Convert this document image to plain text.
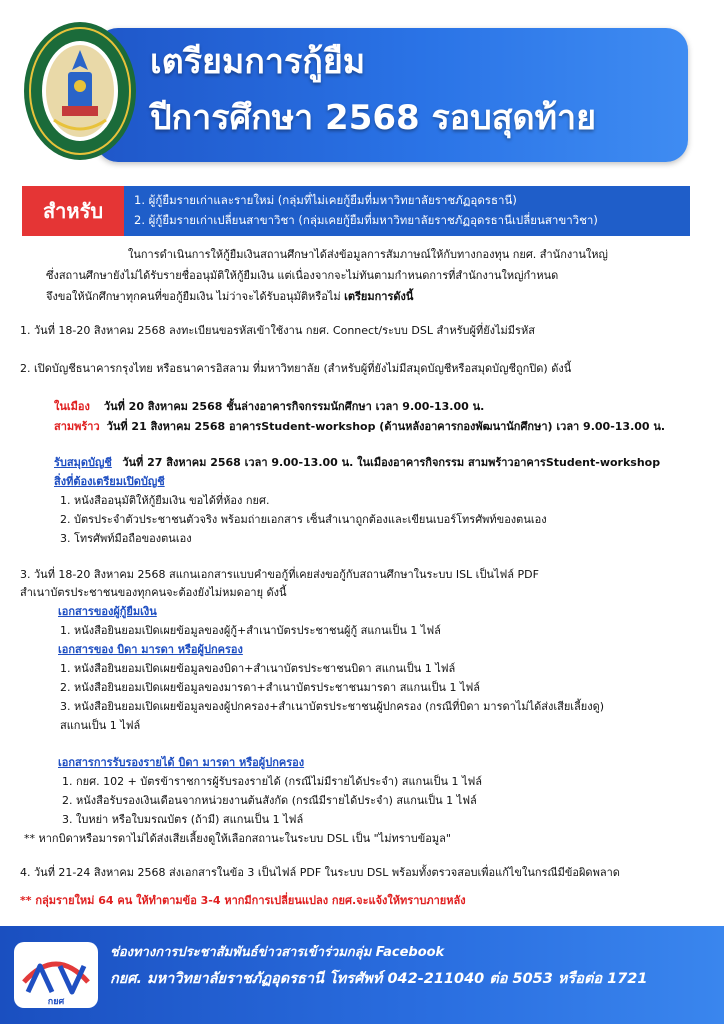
เตรียมการกู้ยืม
ปีการศึกษา 2568 รอบสุดท้าย
สำหรับ	1. ผู้กู้ยืมรายเก่าและรายใหม่ (กลุ่มที่ไม่เคยกู้ยืมที่มหาวิทยาลัยราชภัฏอุดรธานี)
2. ผู้กู้ยืมรายเก่าเปลี่ยนสาขาวิชา (กลุ่มเคยกู้ยืมที่มหาวิทยาลัยราชภัฏอุดรธานีเปลี่ยนสาขาวิชา)
ในการดำเนินการให้กู้ยืมเงินสถานศึกษาได้ส่งข้อมูลการสัมภาษณ์ให้กับทางกองทุน กยศ. สำนักงานใหญ่
ซึ่งสถานศึกษายังไม่ได้รับรายชื่ออนุมัติให้กู้ยืมเงิน แต่เนื่องจากจะไม่ทันตามกำหนดการที่สำนักงานใหญ่กำหนด
จึงขอให้นักศึกษาทุกคนที่ขอกู้ยืมเงิน ไม่ว่าจะได้รับอนุมัติหรือไม่ เตรียมการดังนี้
1. วันที่ 18-20 สิงหาคม 2568 ลงทะเบียนขอรหัสเข้าใช้งาน กยศ. Connect/ระบบ DSL สำหรับผู้ที่ยังไม่มีรหัส
2. เปิดบัญชีธนาคารกรุงไทย หรือธนาคารอิสลาม ที่มหาวิทยาลัย (สำหรับผู้ที่ยังไม่มีสมุดบัญชีหรือสมุดบัญชีถูกปิด) ดังนี้
ในเมือง วันที่ 20 สิงหาคม 2568 ชั้นล่างอาคารกิจกรรมนักศึกษา เวลา 9.00-13.00 น.
สามพร้าว วันที่ 21 สิงหาคม 2568 อาคารStudent-workshop (ด้านหลังอาคารกองพัฒนานักศึกษา) เวลา 9.00-13.00 น.
รับสมุดบัญชี วันที่ 27 สิงหาคม 2568 เวลา 9.00-13.00 น. ในเมืองอาคารกิจกรรม สามพร้าวอาคารStudent-workshop
สิ่งที่ต้องเตรียมเปิดบัญชี
1. หนังสืออนุมัติให้กู้ยืมเงิน ขอได้ที่ห้อง กยศ.
2. บัตรประจำตัวประชาชนตัวจริง พร้อมถ่ายเอกสาร เซ็นสำเนาถูกต้องและเขียนเบอร์โทรศัพท์ของตนเอง
3. โทรศัพท์มือถือของตนเอง
3. วันที่ 18-20 สิงหาคม 2568 สแกนเอกสารแบบคำขอกู้ที่เคยส่งขอกู้กับสถานศึกษาในระบบ ISL เป็นไฟล์ PDF
สำเนาบัตรประชาชนของทุกคนจะต้องยังไม่หมดอายุ ดังนี้
เอกสารของผู้กู้ยืมเงิน
1. หนังสือยินยอมเปิดเผยข้อมูลของผู้กู้+สำเนาบัตรประชาชนผู้กู้ สแกนเป็น 1 ไฟล์
เอกสารของ บิดา มารดา หรือผู้ปกครอง
1. หนังสือยินยอมเปิดเผยข้อมูลของบิดา+สำเนาบัตรประชาชนบิดา สแกนเป็น 1 ไฟล์
2. หนังสือยินยอมเปิดเผยข้อมูลของมารดา+สำเนาบัตรประชาชนมารดา สแกนเป็น 1 ไฟล์
3. หนังสือยินยอมเปิดเผยข้อมูลของผู้ปกครอง+สำเนาบัตรประชาชนผู้ปกครอง (กรณีที่บิดา มารดาไม่ได้ส่งเสียเลี้ยงดู)
สแกนเป็น 1 ไฟล์
เอกสารการรับรองรายได้ บิดา มารดา หรือผู้ปกครอง
1. กยศ. 102 + บัตรข้าราชการผู้รับรองรายได้ (กรณีไม่มีรายได้ประจำ) สแกนเป็น 1 ไฟล์
2. หนังสือรับรองเงินเดือนจากหน่วยงานต้นสังกัด (กรณีมีรายได้ประจำ) สแกนเป็น 1 ไฟล์
3. ใบหย่า หรือใบมรณบัตร (ถ้ามี) สแกนเป็น 1 ไฟล์
** หากบิดาหรือมารดาไม่ได้ส่งเสียเลี้ยงดูให้เลือกสถานะในระบบ DSL เป็น "ไม่ทราบข้อมูล"
4. วันที่ 21-24 สิงหาคม 2568 ส่งเอกสารในข้อ 3 เป็นไฟล์ PDF ในระบบ DSL พร้อมทั้งตรวจสอบเพื่อแก้ไขในกรณีมีข้อผิดพลาด
** กลุ่มรายใหม่ 64 คน ให้ทำตามข้อ 3-4 หากมีการเปลี่ยนแปลง กยศ.จะแจ้งให้ทราบภายหลัง
กยศ
ช่องทางการประชาสัมพันธ์ข่าวสารเข้าร่วมกลุ่ม Facebook
กยศ. มหาวิทยาลัยราชภัฏอุดรธานี โทรศัพท์ 042-211040 ต่อ 5053 หรือต่อ 1721
